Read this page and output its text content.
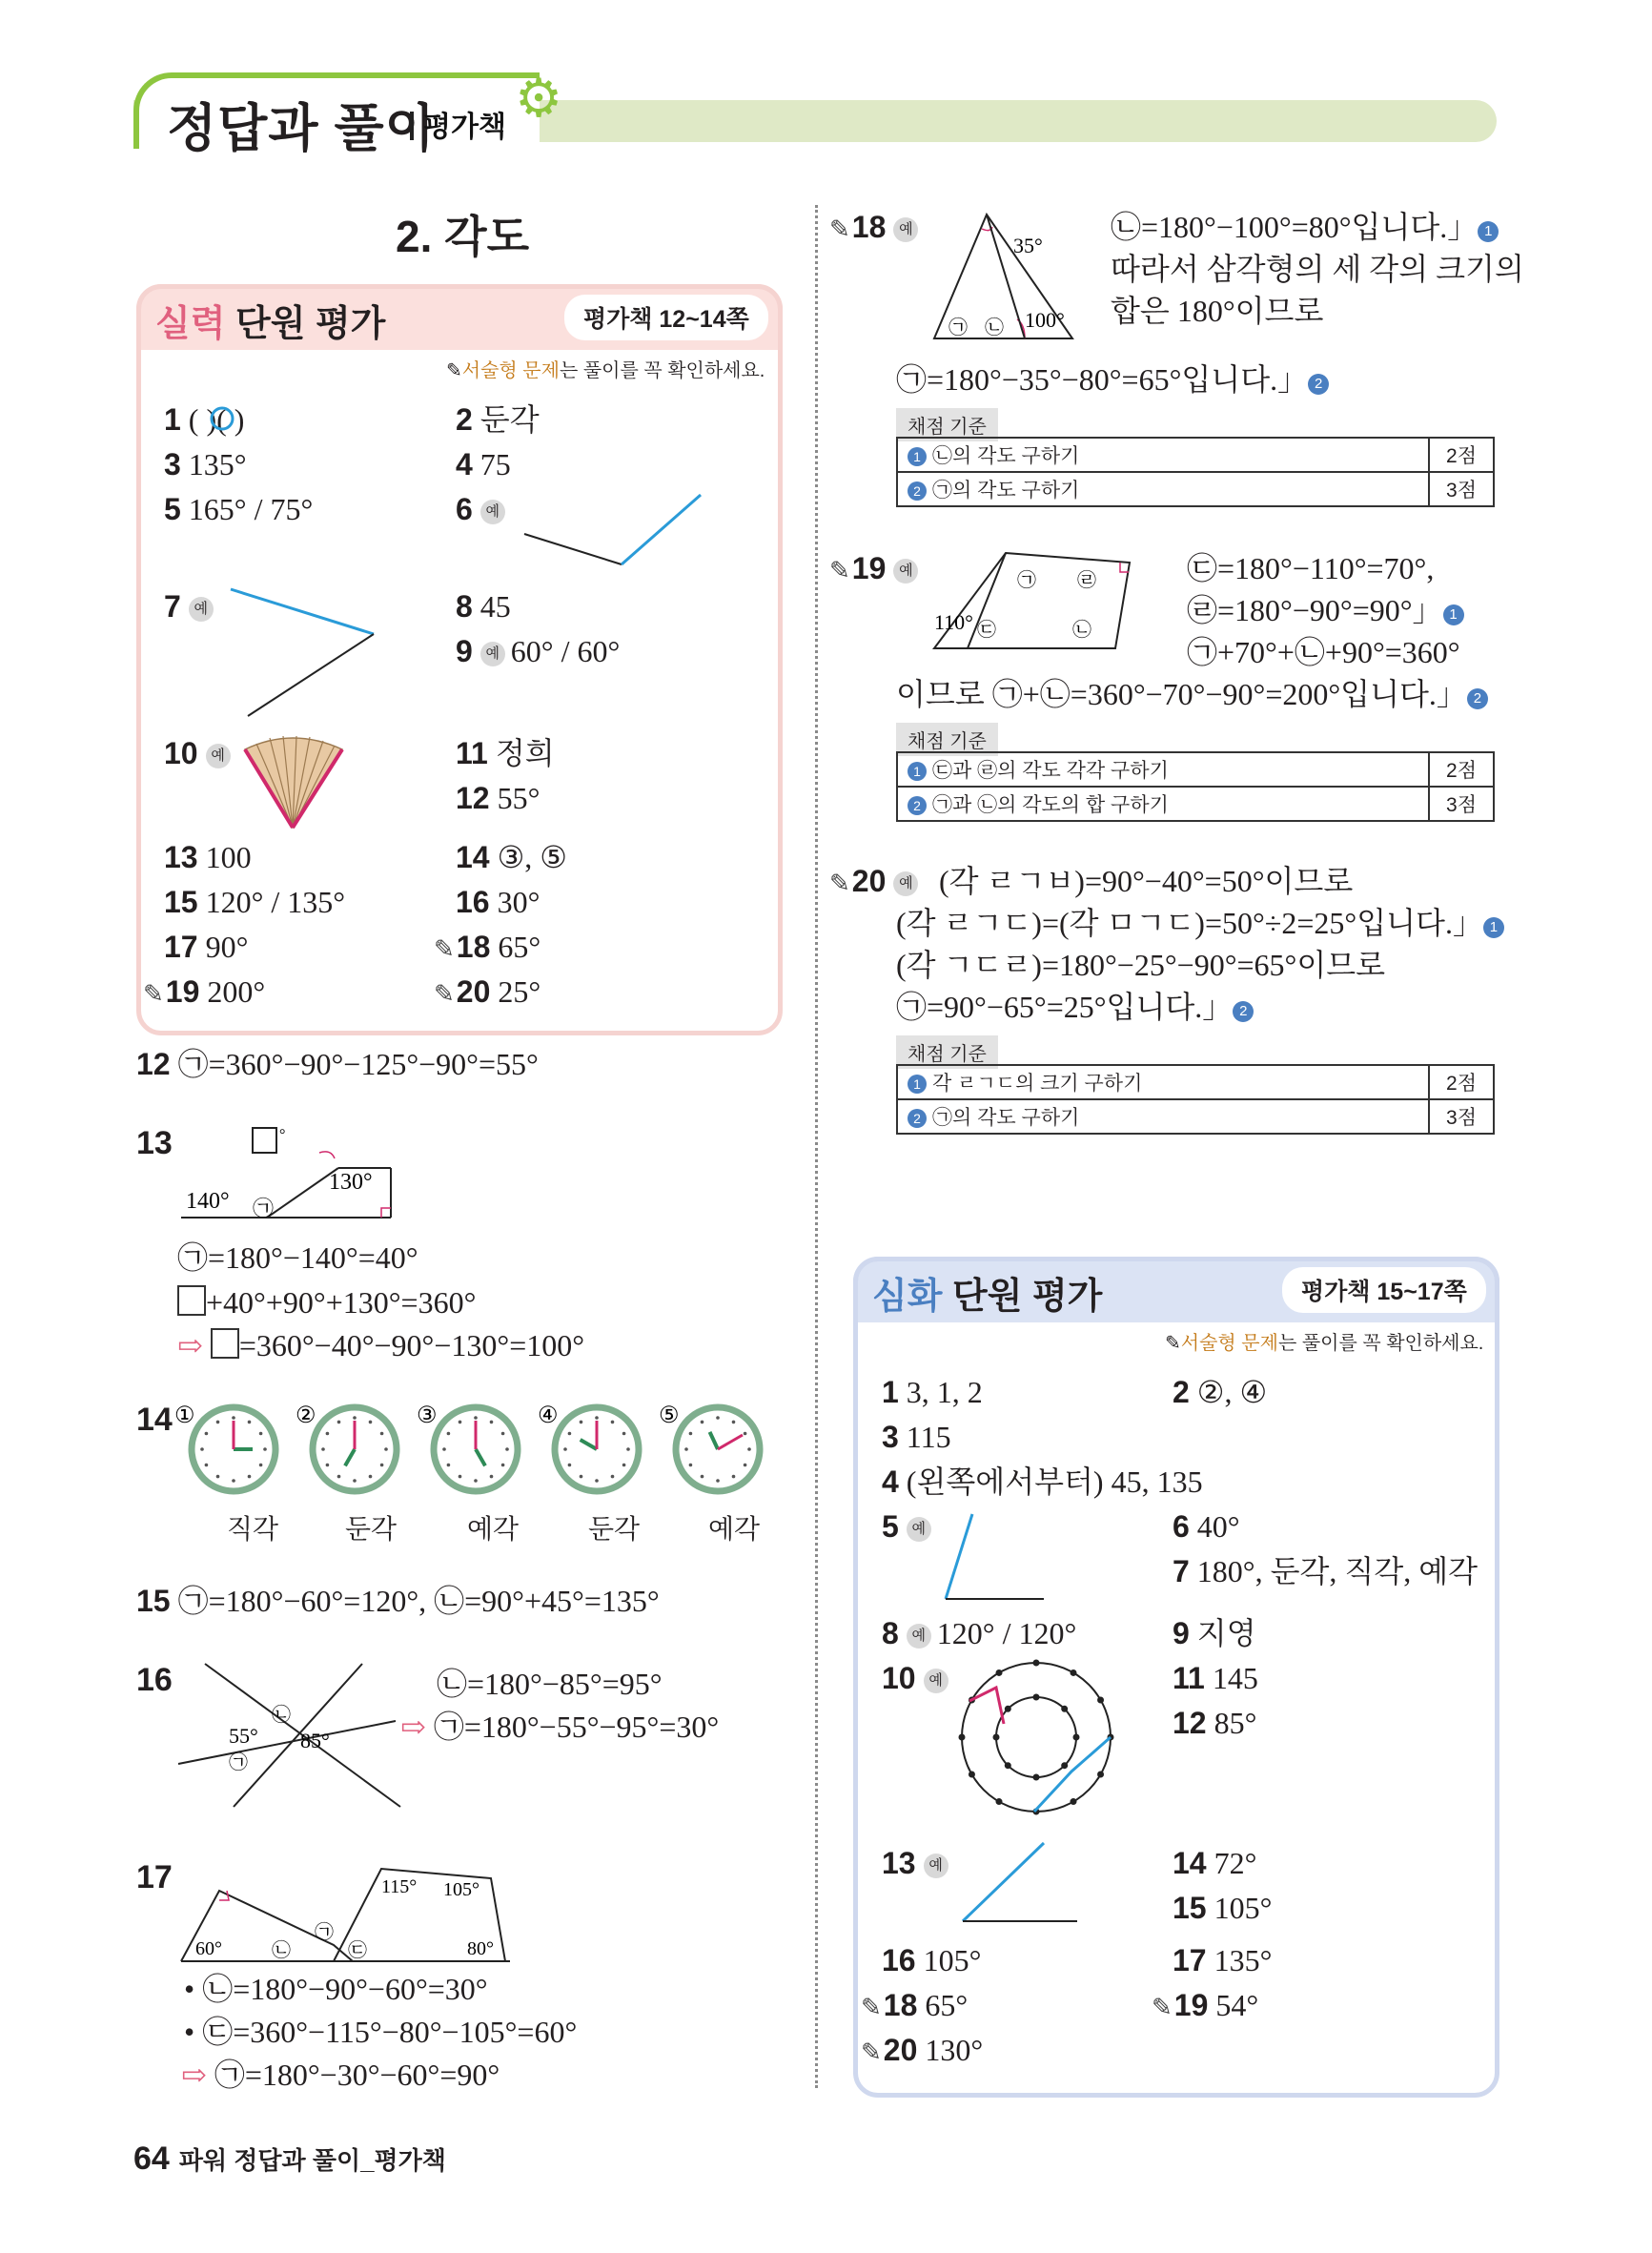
정답과 풀이
평가책 ⚙
2. 각도
실력 단원 평가	평가책 12~14쪽
✎서술형 문제는 풀이를 꼭 확인하세요.
1 ( )( )	2 둔각
3 135°	4 75
5 165° / 75°	6 예
7 예	8 45
9 예 60° / 60°
10 예	11 정희
12 55°
13 100	14 ③, ⑤
15 120° / 135°	16 30°
17 90°	✎18 65°
✎19 200°	✎20 25°
12 ㉠=360°−90°−125°−90°=55°
13	°
140°
130°
㉠
㉠=180°−140°=40°
+40°+90°+130°=360°
⇨ =360°−40°−90°−130°=100°
14 ①	②	③	④	⑤
직각 둔각	예각	둔각	예각
15 ㉠=180°−60°=120°, ㉡=90°+45°=135°
16
55° 85°
㉡
㉠
㉡=180°−85°=95°
⇨ ㉠=180°−55°−95°=30°
17
60°
115° 105°
80°
㉡
㉠
㉢
• ㉡=180°−90°−60°=30°
• ㉢=360°−115°−80°−105°=60°
⇨ ㉠=180°−30°−60°=90°
✎18 예
35°
100°
㉠ ㉡
㉡=180°−100°=80°입니다.」 1
따라서 삼각형의 세 각의 크기의
합은 180°이므로
㉠=180°−35°−80°=65°입니다.」 2
채점 기준
1 ㉡의 각도 구하기	2점
2 ㉠의 각도 구하기	3점
✎19 예
110°
㉠ ㉣
㉢	㉡
㉢=180°−110°=70°,
㉣=180°−90°=90°」 1
㉠+70°+㉡+90°=360°
이므로 ㉠+㉡=360°−70°−90°=200°입니다.」 2
채점 기준
1 ㉢과 ㉣의 각도 각각 구하기	2점
2 ㉠과 ㉡의 각도의 합 구하기	3점
✎20 예 (각 ㄹㄱㅂ)=90°−40°=50°이므로
(각 ㄹㄱㄷ)=(각 ㅁㄱㄷ)=50°÷2=25°입니다.」 1
(각 ㄱㄷㄹ)=180°−25°−90°=65°이므로
㉠=90°−65°=25°입니다.」 2
채점 기준
1 각 ㄹㄱㄷ의 크기 구하기	2점
2 ㉠의 각도 구하기	3점
심화 단원 평가	평가책 15~17쪽
✎서술형 문제는 풀이를 꼭 확인하세요.
1 3, 1, 2	2 ②, ④
3 115
4 (왼쪽에서부터) 45, 135
5 예	6 40°
7 180°, 둔각, 직각, 예각
8 예 120° / 120°	9 지영
10 예	11 145
12 85°
13 예	14 72°
15 105°
16 105°	17 135°
✎18 65°	✎19 54°
✎20 130°
64 파워 정답과 풀이_평가책
